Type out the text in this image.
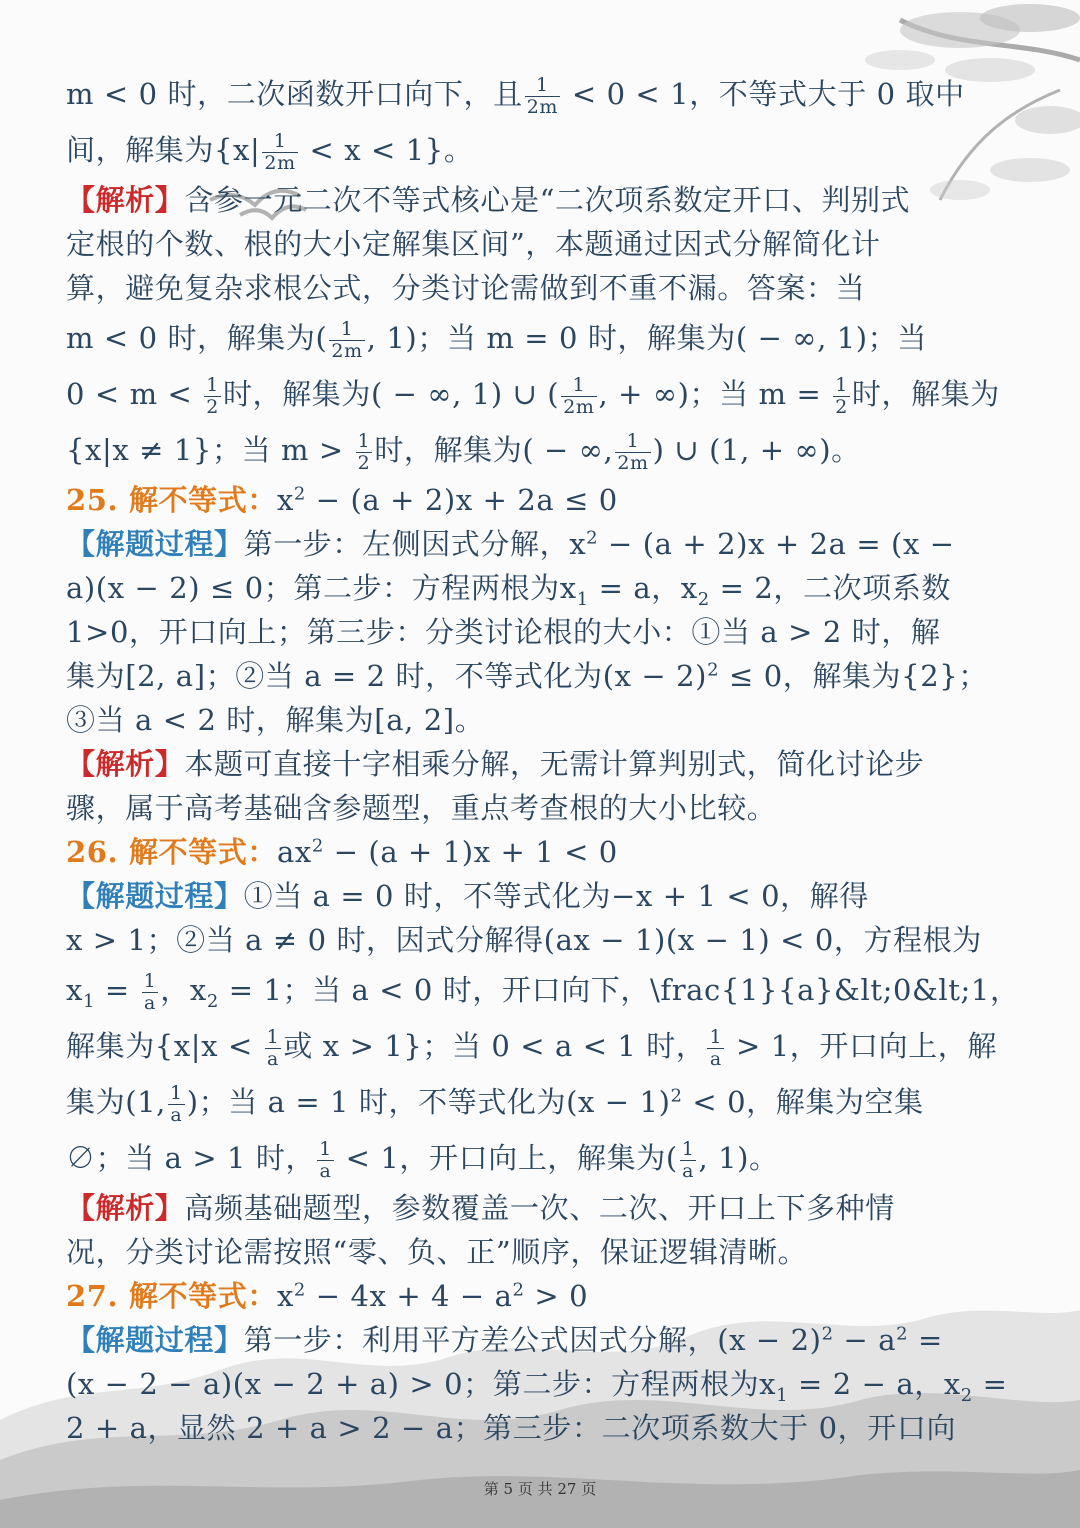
m < 0 时，二次函数开口向下，且 $\frac{1}{2m} < 0 < 1$，不等式大于 0 取中
间，解集为$\{x| \frac{1}{2m} < x < 1\}$。
【解析】含参一元二次不等式核心是“二次项系数定开口、判别式
定根的个数、根的大小定解集区间”，本题通过因式分解简化计
算，避免复杂求根公式，分类讨论需做到不重不漏。答案：当
m < 0 时，解集为( $\frac{1}{2m}$ , 1)；当 m = 0 时，解集为( − ∞, 1)；当
$0 < m < \frac{1}{2}$ 时，解集为( − ∞, 1) ∪ ( $\frac{1}{2m}$ , + ∞)；当 $m = \frac{1}{2}$ 时，解集为
{x|x ≠ 1}；当 $m > \frac{1}{2}$ 时，解集为( − ∞, $\frac{1}{2m}$ ) ∪ (1, + ∞)。
25. 解不等式：$x^2 - (a + 2)x + 2a \le 0$
【解题过程】第一步：左侧因式分解，$x^2 - (a + 2)x + 2a = (x$ −
a)(x − 2) ≤ 0；第二步：方程两根为$x_1 = a$，$x_2 = 2$，二次项系数
1>0，开口向上；第三步：分类讨论根的大小：①当 a > 2 时，解
集为[2, a]；②当 a = 2 时，不等式化为$(x - 2)^2 \le 0$，解集为{2}；
③当 a < 2 时，解集为[a, 2]。
【解析】本题可直接十字相乘分解，无需计算判别式，简化讨论步
骤，属于高考基础含参题型，重点考查根的大小比较。
26. 解不等式：$ax^2 - (a + 1)x + 1 < 0$
【解题过程】①当 a = 0 时，不等式化为−x + 1 < 0，解得
x > 1；②当 a ≠ 0 时，因式分解得(ax − 1)(x − 1) < 0，方程根为
$x_1 = \frac{1}{a}$ ，$x_2 = 1$；当 a < 0 时，开口向下，\frac{1}{a}&lt;0&lt;1，
解集为{$x|x < \frac{1}{a}$ 或 x > 1}；当 0 < a < 1 时， $\frac{1}{a} > 1$，开口向上，解
集为(1, $\frac{1}{a}$ )；当 a = 1 时，不等式化为$(x - 1)^2 < 0$，解集为空集
∅；当 a > 1 时， $\frac{1}{a} < 1$，开口向上，解集为( $\frac{1}{a}$ , 1)。
【解析】高频基础题型，参数覆盖一次、二次、开口上下多种情
况，分类讨论需按照“零、负、正”顺序，保证逻辑清晰。
27. 解不等式：$x^2 - 4x + 4 - a^2 > 0$
【解题过程】第一步：利用平方差公式因式分解，$(x - 2)^2 - a^2$ =
(x − 2 − a)(x − 2 + a) > 0；第二步：方程两根为$x_1 = 2 - a$，$x_2$ =
2 + a，显然 2 + a > 2 − a；第三步：二次项系数大于 0，开口向
第 5 页 共 27 页
